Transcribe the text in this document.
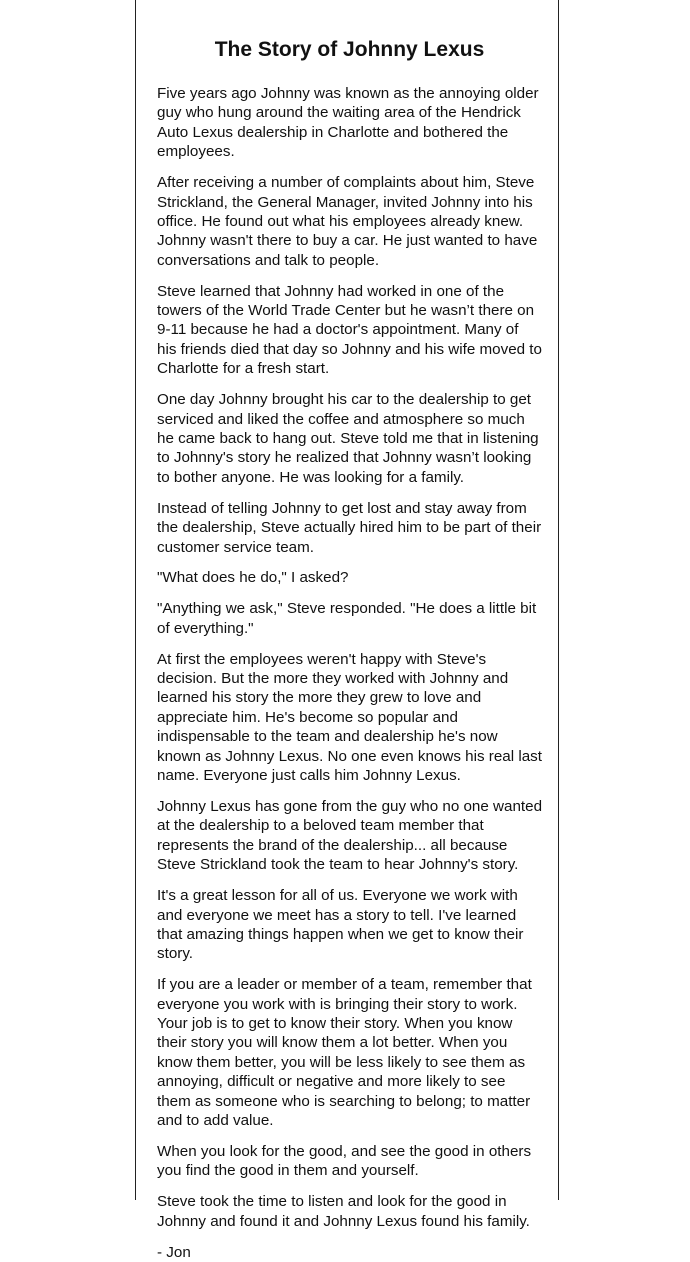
The Story of Johnny Lexus

Five years ago Johnny was known as the annoying older guy who hung around the waiting area of the Hendrick Auto Lexus dealership in Charlotte and bothered the employees.

After receiving a number of complaints about him, Steve Strickland, the General Manager, invited Johnny into his office. He found out what his employees already knew. Johnny wasn't there to buy a car. He just wanted to have conversations and talk to people.

Steve learned that Johnny had worked in one of the towers of the World Trade Center but he wasn’t there on 9-11 because he had a doctor's appointment. Many of his friends died that day so Johnny and his wife moved to Charlotte for a fresh start.

One day Johnny brought his car to the dealership to get serviced and liked the coffee and atmosphere so much he came back to hang out. Steve told me that in listening to Johnny's story he realized that Johnny wasn’t looking to bother anyone. He was looking for a family.

Instead of telling Johnny to get lost and stay away from the dealership, Steve actually hired him to be part of their customer service team.

"What does he do," I asked?

"Anything we ask," Steve responded. "He does a little bit of everything."

At first the employees weren't happy with Steve's decision. But the more they worked with Johnny and learned his story the more they grew to love and appreciate him. He's become so popular and indispensable to the team and dealership he's now known as Johnny Lexus. No one even knows his real last name. Everyone just calls him Johnny Lexus.

Johnny Lexus has gone from the guy who no one wanted at the dealership to a beloved team member that represents the brand of the dealership... all because Steve Strickland took the team to hear Johnny's story.

It's a great lesson for all of us. Everyone we work with and everyone we meet has a story to tell. I've learned that amazing things happen when we get to know their story.

If you are a leader or member of a team, remember that everyone you work with is bringing their story to work. Your job is to get to know their story. When you know their story you will know them a lot better. When you know them better, you will be less likely to see them as annoying, difficult or negative and more likely to see them as someone who is searching to belong; to matter and to add value.

When you look for the good, and see the good in others you find the good in them and yourself.

Steve took the time to listen and look for the good in Johnny and found it and Johnny Lexus found his family.

- Jon
